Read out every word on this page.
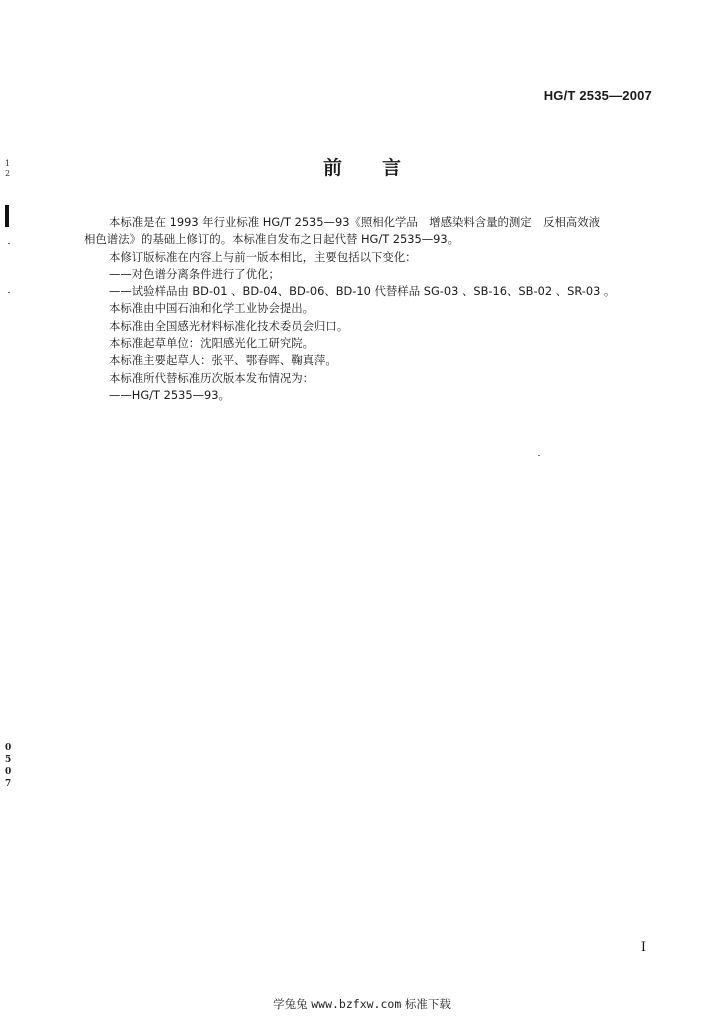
HG/T 2535—2007
前 言

本标准是在 1993 年行业标准 HG/T 2535—93《照相化学品　增感染料含量的测定　反相高效液

相色谱法》的基础上修订的。本标准自发布之日起代替 HG/T 2535—93。

本修订版标准在内容上与前一版本相比，主要包括以下变化：

——对色谱分离条件进行了优化；

——试验样品由 BD-01 、BD-04、BD-06、BD-10 代替样品 SG-03 、SB-16、SB-02 、SR-03 。

本标准由中国石油和化学工业协会提出。

本标准由全国感光材料标准化技术委员会归口。

本标准起草单位：沈阳感光化工研究院。

本标准主要起草人：张平、鄂春晖、鞠真萍。

本标准所代替标准历次版本发布情况为：

——HG/T 2535—93。

1
2
0
5
0
7
I
学兔兔 www.bzfxw.com 标准下载
